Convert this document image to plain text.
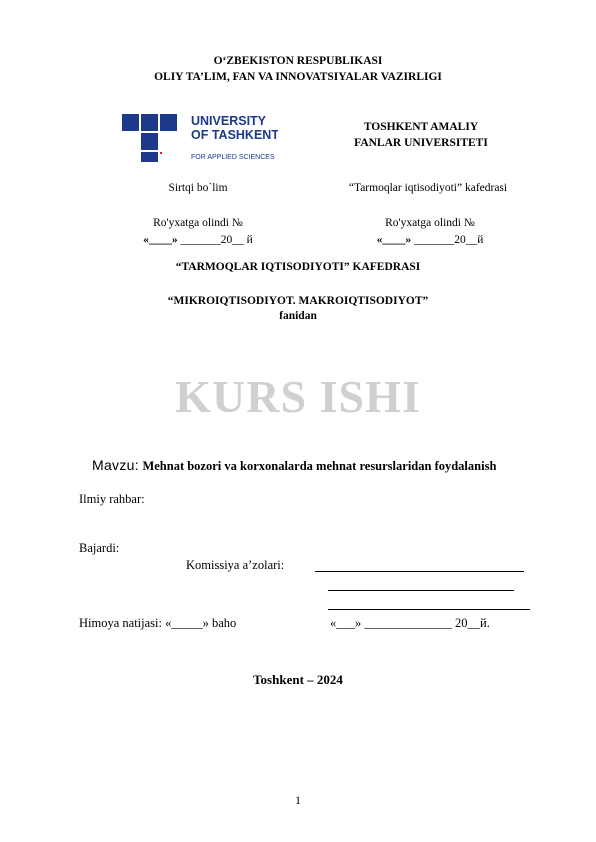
O‘ZBEKISTON RESPUBLIKASI
OLIY TA’LIM, FAN VA INNOVATSIYALAR VAZIRLIGI
UNIVERSITY
OF TASHKENT
FOR APPLIED SCIENCES
TOSHKENT AMALIY
FANLAR UNIVERSITETI
Sirtqi bo`lim	“Tarmoqlar iqtisodiyoti” kafedrasi
Ro'yxatga olindi №
«____» _______20__ й
Ro'yxatga olindi №
«____» _______20__й
“TARMOQLAR IQTISODIYOTI” KAFEDRASI
“MIKROIQTISODIYOT. MAKROIQTISODIYOT”
fanidan
KURS ISHI
Mavzu: Mehnat bozori va korxonalarda mehnat resurslaridan foydalanish
Ilmiy rahbar:
Bajardi:
Komissiya a’zolari:
Himoya natijasi: «_____» baho	«___» ______________ 20__й.
Toshkent – 2024
1
